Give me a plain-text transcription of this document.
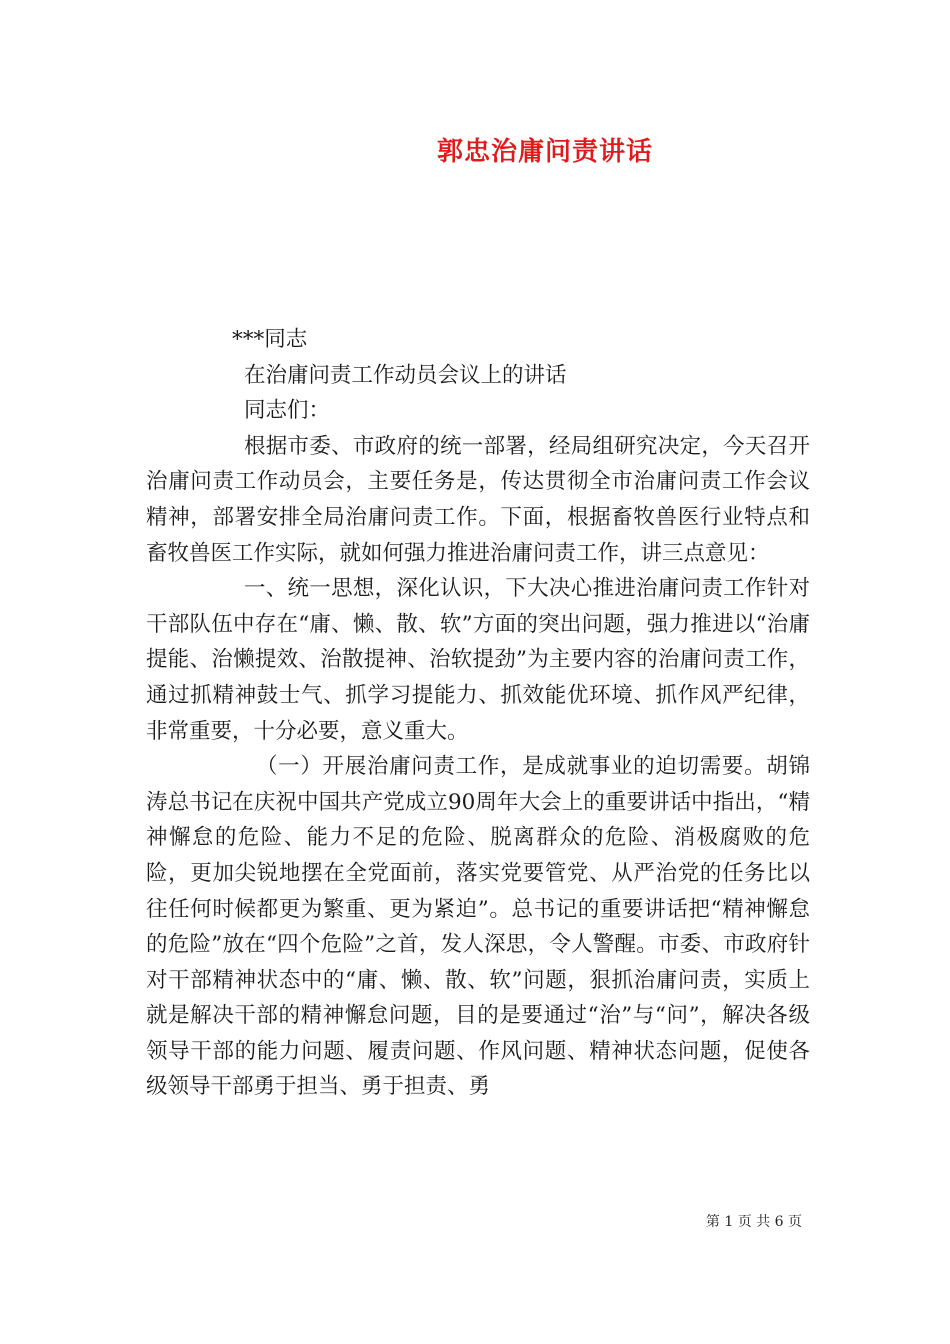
郭忠治庸问责讲话

***同志

在治庸问责工作动员会议上的讲话

同志们：

根据市委、市政府的统一部署，经局组研究决定，今天召开治庸问责工作动员会，主要任务是，传达贯彻全市治庸问责工作会议精神，部署安排全局治庸问责工作。下面，根据畜牧兽医行业特点和畜牧兽医工作实际，就如何强力推进治庸问责工作，讲三点意见：

一、统一思想，深化认识，下大决心推进治庸问责工作针对干部队伍中存在“庸、懒、散、软”方面的突出问题，强力推进以“治庸提能、治懒提效、治散提神、治软提劲”为主要内容的治庸问责工作，通过抓精神鼓士气、抓学习提能力、抓效能优环境、抓作风严纪律，非常重要，十分必要，意义重大。

（一）开展治庸问责工作，是成就事业的迫切需要。胡锦涛总书记在庆祝中国共产党成立90周年大会上的重要讲话中指出，“精神懈怠的危险、能力不足的危险、脱离群众的危险、消极腐败的危险，更加尖锐地摆在全党面前，落实党要管党、从严治党的任务比以往任何时候都更为繁重、更为紧迫”。总书记的重要讲话把“精神懈怠的危险”放在“四个危险”之首，发人深思，令人警醒。市委、市政府针对干部精神状态中的“庸、懒、散、软”问题，狠抓治庸问责，实质上就是解决干部的精神懈怠问题，目的是要通过“治”与“问”，解决各级领导干部的能力问题、履责问题、作风问题、精神状态问题，促使各级领导干部勇于担当、勇于担责、勇

第 1 页 共 6 页
